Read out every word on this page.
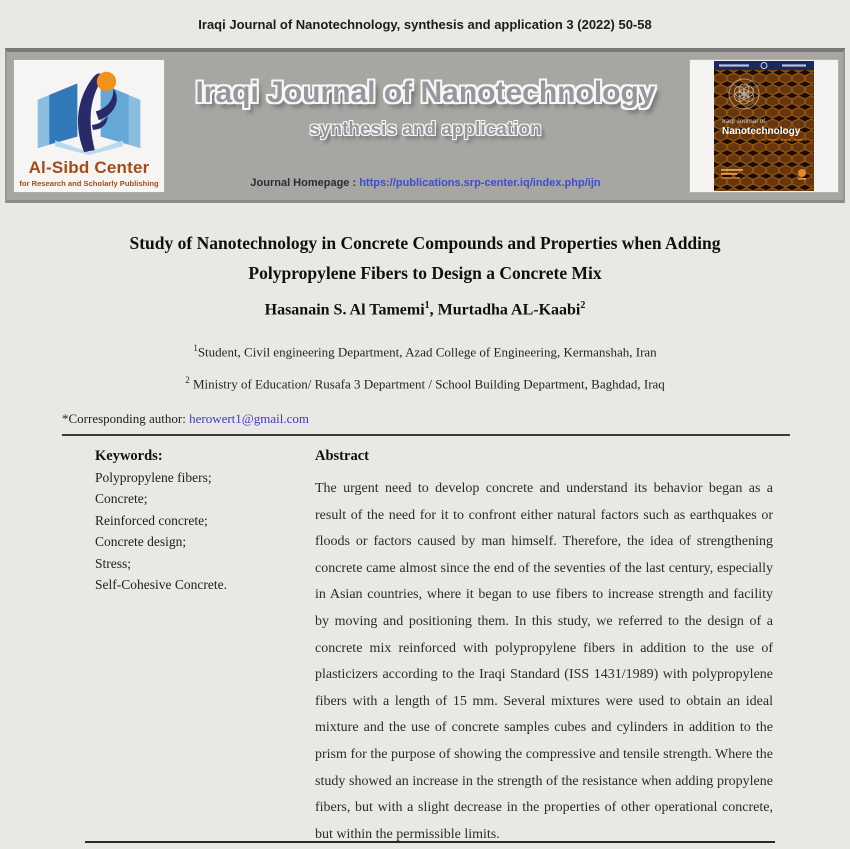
Iraqi Journal of Nanotechnology, synthesis and application 3 (2022) 50-58
Al-Sibd Center
for Research and Scholarly Publishing
Iraqi Journal of Nanotechnology
synthesis and application
Journal Homepage : https://publications.srp-center.iq/index.php/ijn
Iraqi Journal of
Nanotechnology
synthesis and application
Study of Nanotechnology in Concrete Compounds and Properties when Adding
Polypropylene Fibers to Design a Concrete Mix
Hasanain S. Al Tamemi$^1$, Murtadha AL-Kaabi$^2$
$^1$Student, Civil engineering Department, Azad College of Engineering, Kermanshah, Iran
$^2$ Ministry of Education/ Rusafa 3 Department / School Building Department, Baghdad, Iraq
*Corresponding author: herowert1@gmail.com
Keywords:
Polypropylene fibers;
Concrete;
Reinforced concrete;
Concrete design;
Stress;
Self-Cohesive Concrete.
Abstract

The urgent need to develop concrete and understand its behavior began as a result of the need for it to confront either natural factors such as earthquakes or floods or factors caused by man himself. Therefore, the idea of strengthening concrete came almost since the end of the seventies of the last century, especially in Asian countries, where it began to use fibers to increase strength and facility by moving and positioning them. In this study, we referred to the design of a concrete mix reinforced with polypropylene fibers in addition to the use of plasticizers according to the Iraqi Standard (ISS 1431/1989) with polypropylene fibers with a length of 15 mm. Several mixtures were used to obtain an ideal mixture and the use of concrete samples cubes and cylinders in addition to the prism for the purpose of showing the compressive and tensile strength. Where the study showed an increase in the strength of the resistance when adding propylene fibers, but with a slight decrease in the properties of other operational concrete, but within the permissible limits.
